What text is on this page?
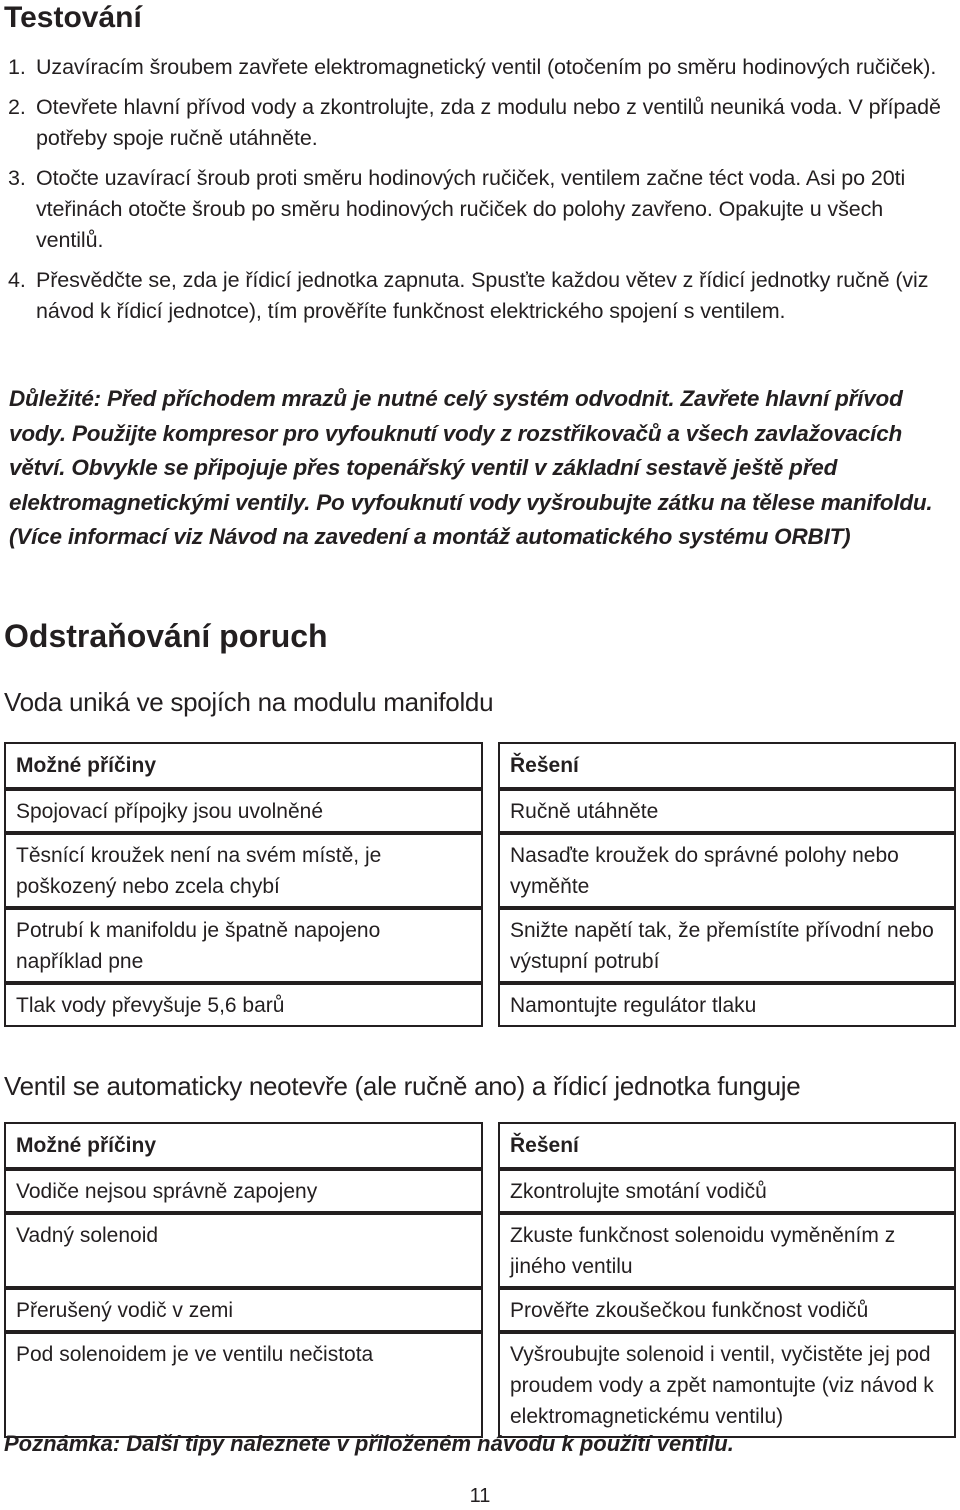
Testování
1. Uzavíracím šroubem zavřete elektromagnetický ventil (otočením po směru hodinových ručiček).
2. Otevřete hlavní přívod vody a zkontrolujte, zda z modulu nebo z ventilů neuniká voda. V případě potřeby spoje ručně utáhněte.
3. Otočte uzavírací šroub proti směru hodinových ručiček, ventilem začne téct voda. Asi po 20ti vteřinách otočte šroub po směru hodinových ručiček do polohy zavřeno. Opakujte u všech ventilů.
4. Přesvědčte se, zda je řídicí jednotka zapnuta. Spusťte každou větev z řídicí jednotky ručně (viz návod k řídicí jednotce), tím prověříte funkčnost elektrického spojení s ventilem.

Důležité: Před příchodem mrazů je nutné celý systém odvodnit. Zavřete hlavní přívod vody. Použijte kompresor pro vyfouknutí vody z rozstřikovačů a všech zavlažovacích větví. Obvykle se připojuje přes topenářský ventil v základní sestavě ještě před elektromagnetickými ventily. Po vyfouknutí vody vyšroubujte zátku na tělese manifoldu.
(Více informací viz Návod na zavedení a montáž automatického systému ORBIT)

Odstraňování poruch
Voda uniká ve spojích na modulu manifoldu
Možné příčiny		Řešení
Spojovací přípojky jsou uvolněné		Ručně utáhněte
Těsnící kroužek není na svém místě, je poškozený nebo zcela chybí		Nasaďte kroužek do správné polohy nebo vyměňte
Potrubí k manifoldu je špatně napojeno například pne		Snižte napětí tak, že přemístíte přívodní nebo výstupní potrubí
Tlak vody převyšuje 5,6 barů		Namontujte regulátor tlaku
Ventil se automaticky neotevře (ale ručně ano) a řídicí jednotka funguje
Možné příčiny		Řešení
Vodiče nejsou správně zapojeny		Zkontrolujte smotání vodičů
Vadný solenoid		Zkuste funkčnost solenoidu vyměněním z jiného ventilu
Přerušený vodič v zemi		Prověřte zkoušečkou funkčnost vodičů
Pod solenoidem je ve ventilu nečistota		Vyšroubujte solenoid i ventil, vyčistěte jej pod proudem vody a zpět namontujte (viz návod k elektromagnetickému ventilu)

Poznámka: Další tipy naleznete v přiloženém návodu k použití ventilu.

11
